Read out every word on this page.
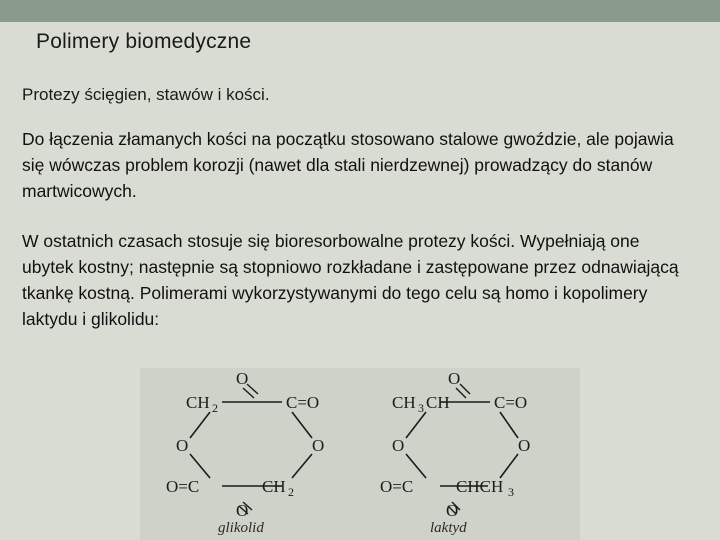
Polimery biomedyczne
Protezy ścięgien, stawów i kości.
Do łączenia złamanych kości na początku stosowano stalowe gwoździe, ale pojawia się wówczas problem korozji (nawet dla stali nierdzewnej) prowadzący do stanów martwicowych.
W ostatnich czasach stosuje się bioresorbowalne protezy kości. Wypełniają one ubytek kostny; następnie są stopniowo rozkładane i zastępowane przez odnawiającą tkankę kostną. Polimerami wykorzystywanymi do tego celu są homo i kopolimery laktydu i glikolidu:
CH 2	C=O
O
O
O=C	CH 2
O
O
CH 3 CH	C=O
O
O
O=C	CHCH 3
O
O
glikolid	laktyd
